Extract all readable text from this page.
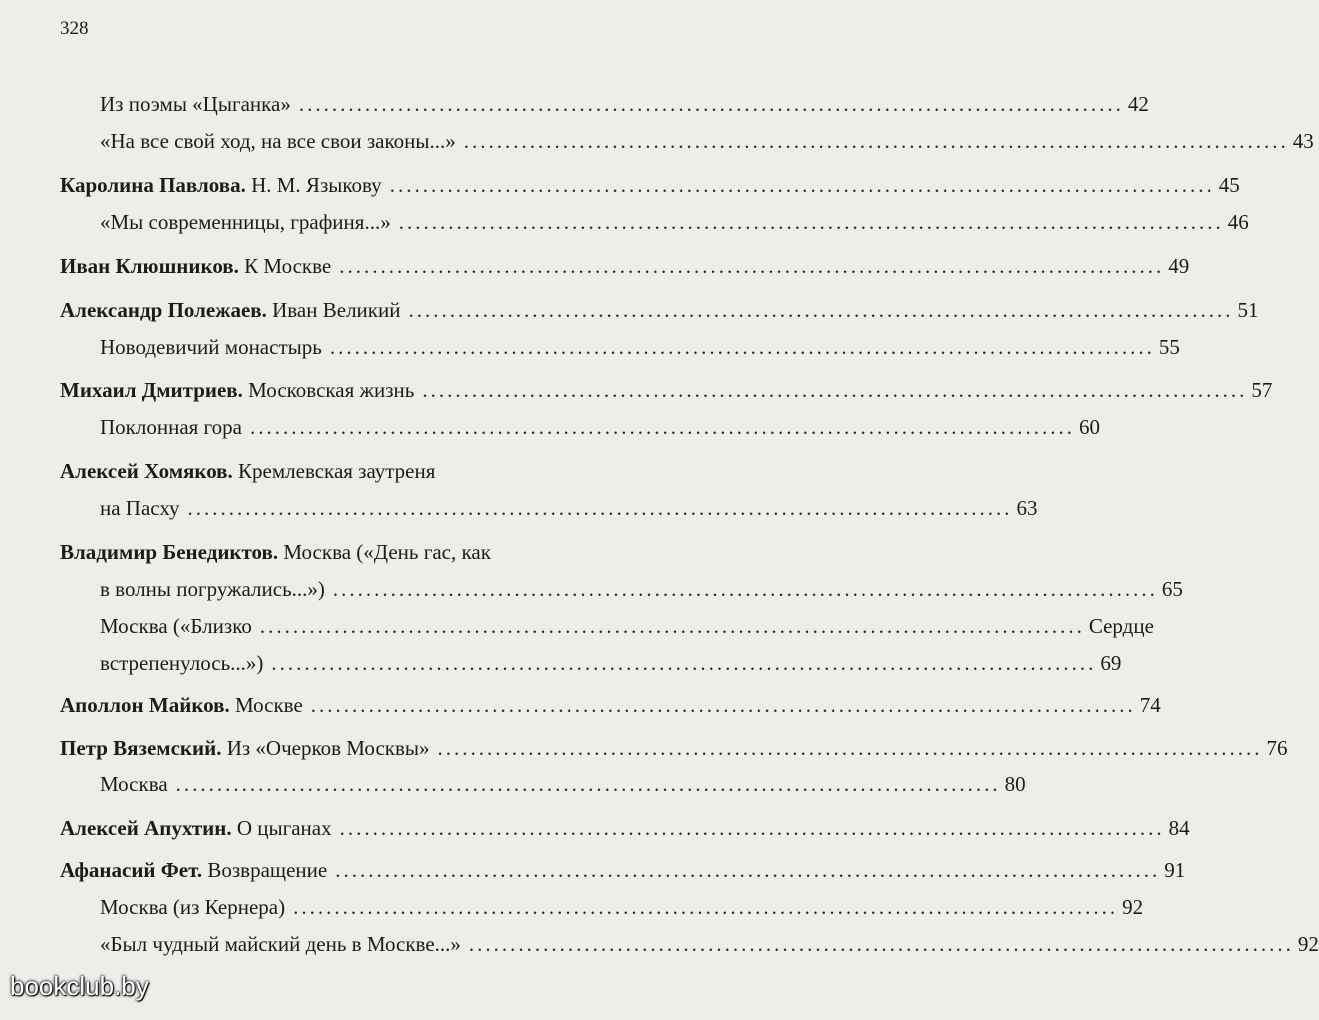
328
Из поэмы «Цыганка» .................................................................................................... 42
«На все свой ход, на все свои законы...» .................................................................................................... 43
Каролина Павлова.
Н. М. Языкову .................................................................................................... 45
«Мы современницы, графиня...» .................................................................................................... 46
Иван Клюшников.
К Москве .................................................................................................... 49
Александр Полежаев.
Иван Великий .................................................................................................... 51
Новодевичий монастырь .................................................................................................... 55
Михаил Дмитриев.
Московская жизнь .................................................................................................... 57
Поклонная гора .................................................................................................... 60
Алексей Хомяков.
Кремлевская заутреня
на Пасху .................................................................................................... 63
Владимир Бенедиктов.
Москва («День гас, как
в волны погружались...») .................................................................................................... 65
Москва («Близко .................................................................................................... Сердце
встрепенулось...») .................................................................................................... 69
Аполлон Майков.
Москве .................................................................................................... 74
Петр Вяземский.
Из «Очерков Москвы» .................................................................................................... 76
Москва .................................................................................................... 80
Алексей Апухтин.
О цыганах .................................................................................................... 84
Афанасий Фет.
Возвращение .................................................................................................... 91
Москва (из Кернера) .................................................................................................... 92
«Был чудный майский день в Москве...» .................................................................................................... 92
bookclub.by
